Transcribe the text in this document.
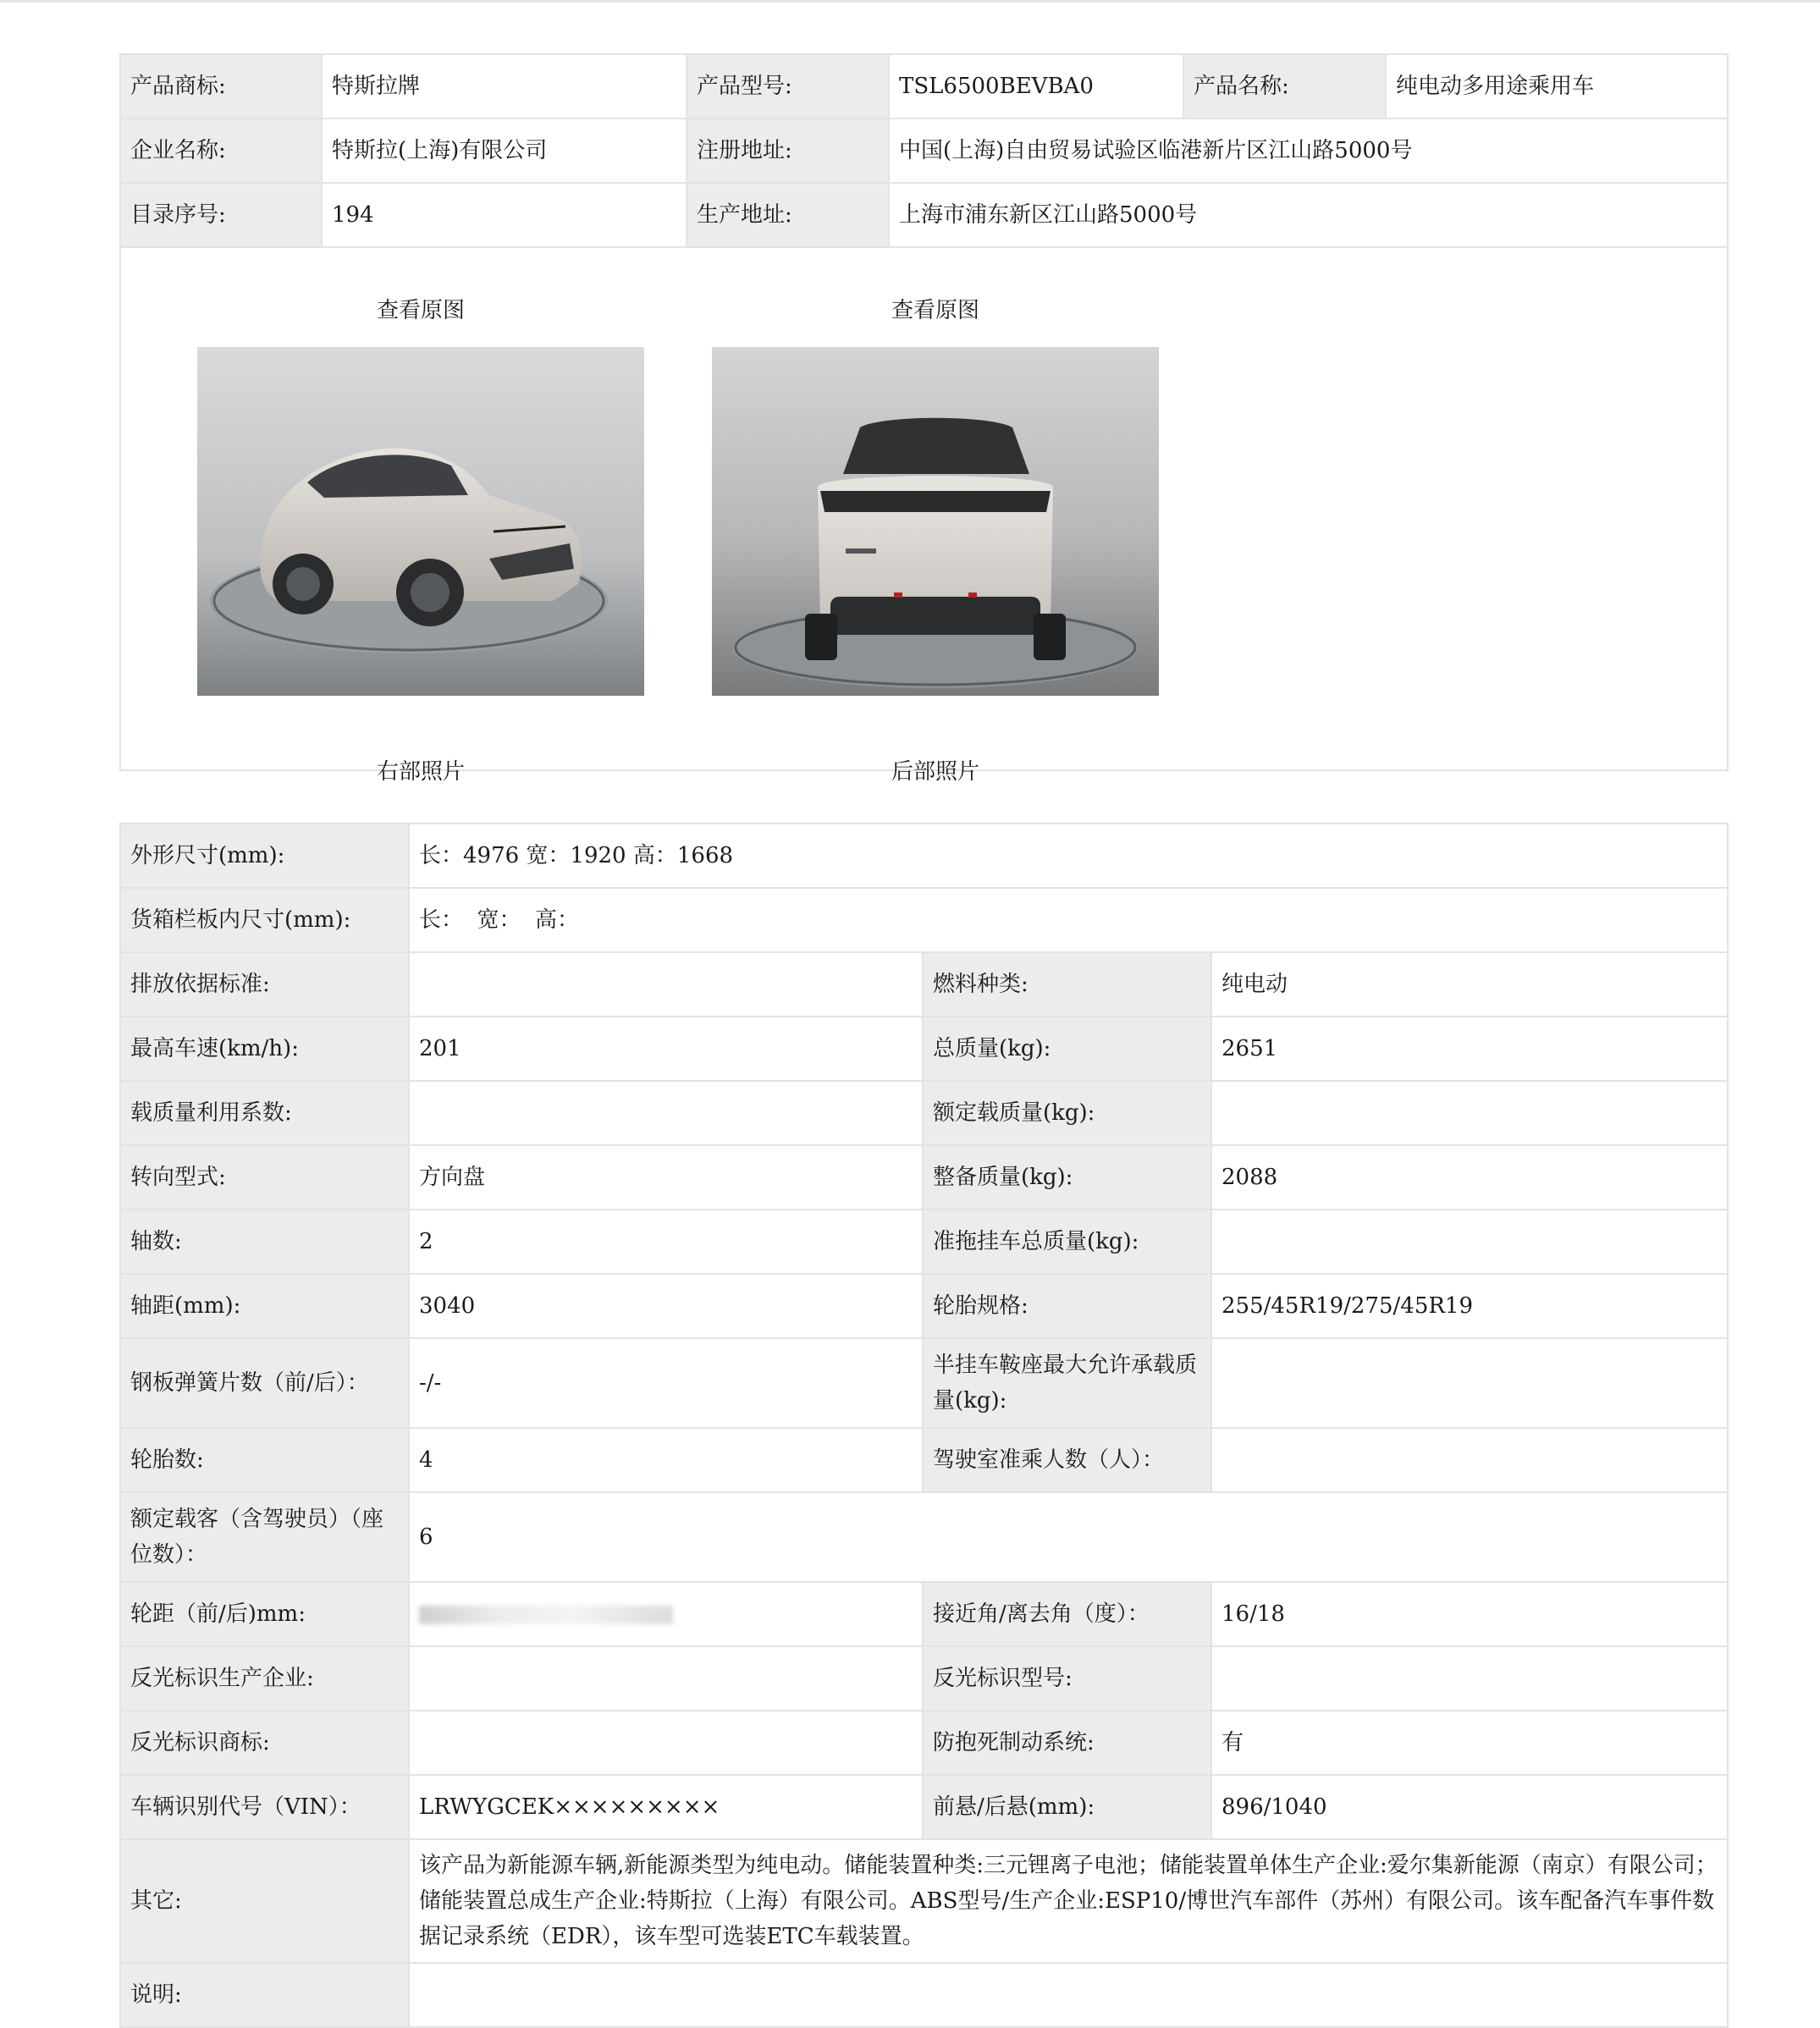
产品商标:	特斯拉牌	产品型号:	TSL6500BEVBA0	产品名称:	纯电动多用途乘用车
企业名称:	特斯拉(上海)有限公司	注册地址:	中国(上海)自由贸易试验区临港新片区江山路5000号		
目录序号:	194	生产地址:	上海市浦东新区江山路5000号		

查看原图
右部照片
查看原图
后部照片					
外形尺寸(mm):	长：4976 宽：1920 高：1668		
货箱栏板内尺寸(mm):	长：  宽：  高：		
排放依据标准:		燃料种类:	纯电动
最高车速(km/h):	201	总质量(kg):	2651
载质量利用系数:		额定载质量(kg):	
转向型式:	方向盘	整备质量(kg):	2088
轴数:	2	准拖挂车总质量(kg):	
轴距(mm):	3040	轮胎规格:	255/45R19/275/45R19
钢板弹簧片数（前/后）：	-/-	半挂车鞍座最大允许承载质量(kg):	
轮胎数:	4	驾驶室准乘人数（人）：	
额定载客（含驾驶员）（座位数）：	6		
轮距（前/后)mm:		接近角/离去角（度）：	16/18
反光标识生产企业:		反光标识型号:	
反光标识商标:		防抱死制动系统:	有
车辆识别代号（VIN）：	LRWYGCEK×××××××××	前悬/后悬(mm):	896/1040
其它:	该产品为新能源车辆,新能源类型为纯电动。储能装置种类:三元锂离子电池；储能装置单体生产企业:爱尔集新能源（南京）有限公司；储能装置总成生产企业:特斯拉（上海）有限公司。ABS型号/生产企业:ESP10/博世汽车部件（苏州）有限公司。该车配备汽车事件数据记录系统（EDR），该车型可选装ETC车载装置。		
说明:			
